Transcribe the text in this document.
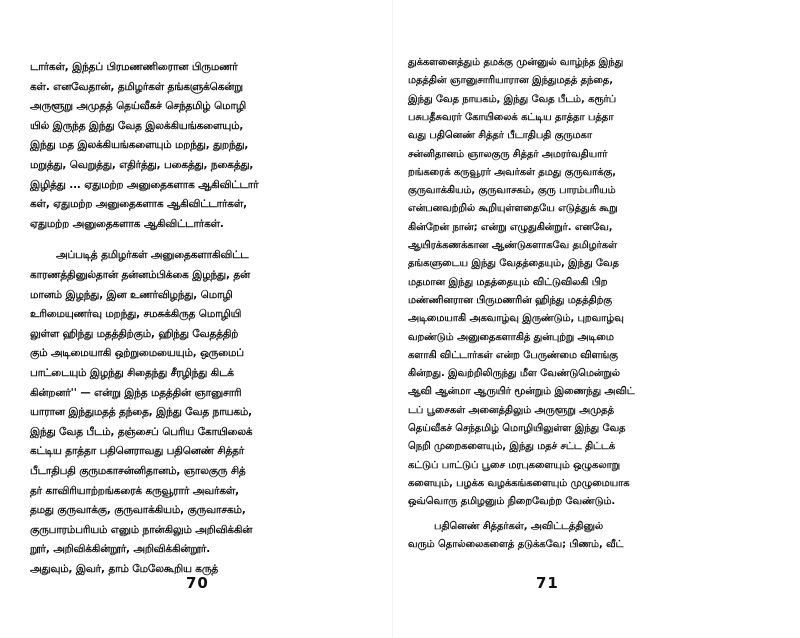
டார்கள், இந்தப் பிரமணணிரைான பிருமணர்
கள். எனவேதான், தமிழர்கள் தங்களுக்கென்று
அருளூறு அமுதத் தெய்வீகச் செந்தமிழ் மொழி
யில் இருந்த இந்து வேத இலக்கியங்களையும்,
இந்து மத இலக்கியங்களையும் மறந்து, துறந்து,
மறுத்து, வெறுத்து, எதிர்த்து, பகைத்து, நகைத்து,
இழித்து ... ஏதுமற்ற அனுதைகளாக ஆகிவிட்டார்
கள், ஏதுமற்ற அனுதைகளாக ஆகிவிட்டார்கள்,
ஏதுமற்ற அனுதைகளாக ஆகிவிட்டார்கள்.
அப்படித் தமிழர்கள் அனுதைகளாகிவிட்ட
காரணத்தினுல்தான் தன்னம்பிக்கை இழந்து, தன்
மானம் இழந்து, இன உணர்விழந்து, மொழி
உரிமையுணர்வு மறந்து, சமசுக்கிருத மொழியி
லுள்ள ஹிந்து மதத்திற்கும், ஹிந்து வேதத்திற்
கும் அடிமையாகி ஒற்றுமையையும், ஒருமைப்
பாட்டையும் இழந்து சிதைந்து சீரழிந்து கிடக்
கின்றனர்'' — என்று இந்த மதத்தின் ஞானுசாரி
யாரான இந்துமதத் தந்தை, இந்து வேத நாயகம்,
இந்து வேத பீடம், தஞ்சைப் பெரிய கோயிலைக்
கட்டிய தாத்தா பதினெராவது பதினெண் சித்தர்
பீடாதிபதி குருமகாசன்னிதானம், ஞாலகுரு சித்
தர் காவிரியாற்றங்கரைக் கருவூரார் அவர்கள்,
தமது குருவாக்கு, குருவாக்கியம், குருவாசகம்,
குருபாரம்பரியம் எனும் நான்கிலும் அறிவிக்கின்
றூர், அறிவிக்கின்றூர், அறிவிக்கின்றூர்.
அதுவும், இவர், தாம் மேலேகூறிய கருத்
துக்களனைத்தும் தமக்கு முன்னுல் வாழ்ந்த இந்து
மதத்தின் ஞானுசாரியாரான இந்துமதத் தந்தை,
இந்து வேத நாயகம், இந்து வேத பீடம், கரூர்ப்
பசுபதீசுவரர் கோயிலைக் கட்டிய தாத்தா பத்தா
வது பதினெண் சித்தர் பீடாதிபதி குருமகா
சன்னிதானம் ஞாலகுரு சித்தர் அமரர்வதியார்
றங்கரைக் கருவூரர் அவர்கள் தமது குருவாக்கு,
குருவாக்கியம், குருவாசகம், குரு பாரம்பரியம்
என்பனவற்றில் கூறியுள்ளதையே எடுத்துக் கூறு
கின்றேன் நான்; என்று எழுதுகின்றுர். எனவே,
ஆயிரக்கணக்கான ஆண்டுகளாகவே தமிழர்கள்
தங்களுடைய இந்து வேதத்தையும், இந்து வேத
மதமான இந்து மதத்தையும் விட்டுவிலகி பிற
மண்ணினரான பிருமணரின் ஹிந்து மதத்திற்கு
அடிமையாகி அகவாழ்வு இருண்டும், புறவாழ்வு
வறண்டும் அனுதைகளாகித் துன்புற்று அடிமை
களாகி விட்டார்கள் என்ற பேருண்மை விளங்கு
கின்றது. இவற்றிலிருந்து மீள வேண்டுமென்றுல்
ஆவி ஆன்மா ஆருயிர் மூன்றும் இணைந்து அவிட்
டப் பூசைகள் அனைத்திலும் அருளூறு அமுதத்
தெய்வீகச் செந்தமிழ் மொழியிலுள்ள இந்து வேத
நெறி முறைகளையும், இந்து மதச் சட்ட திட்டக்
கட்டுப் பாட்டுப் பூசை மரபுகளையும் ஒழுகலாறு
களையும், பழக்க வழக்கங்களையும் முழுமையாக
ஒவ்வொரு தமிழனும் நிறைவேற்ற வேண்டும்.
பதினெண் சித்தர்கள், அவிட்டத்தினுல்
வரும் தொல்லைகளைத் தடுக்கவே; பிணம், வீட்
70	71
